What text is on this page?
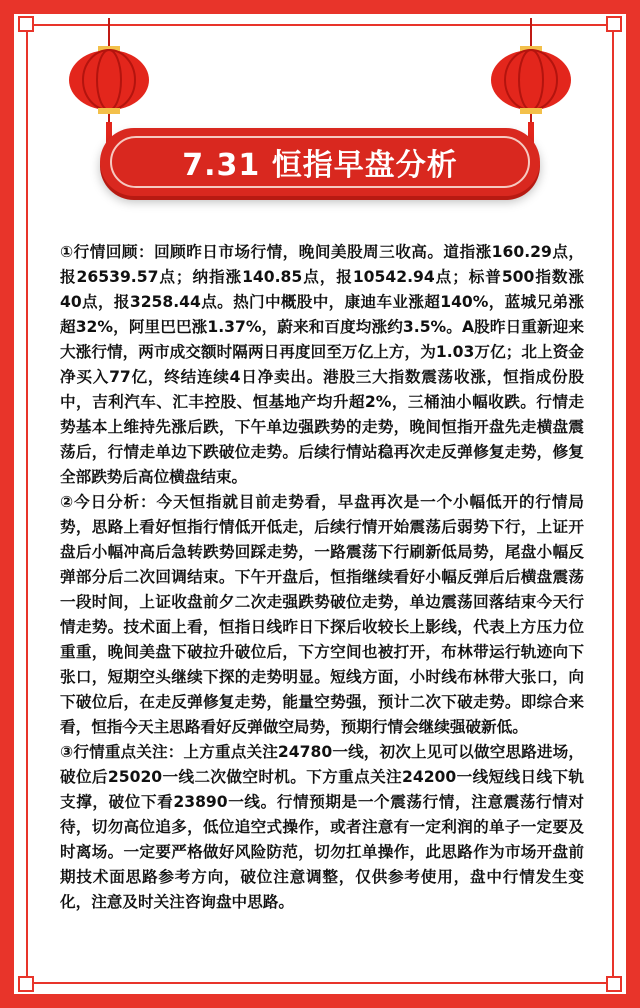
7.31 恒指早盘分析

①行情回顾：回顾昨日市场行情，晚间美股周三收高。道指涨160.29点，报26539.57点；纳指涨140.85点，报10542.94点；标普500指数涨40点，报3258.44点。热门中概股中，康迪车业涨超140%，蓝城兄弟涨超32%，阿里巴巴涨1.37%，蔚来和百度均涨约3.5%。A股昨日重新迎来大涨行情，两市成交额时隔两日再度回至万亿上方，为1.03万亿；北上资金净买入77亿，终结连续4日净卖出。港股三大指数震荡收涨，恒指成份股中，吉利汽车、汇丰控股、恒基地产均升超2%，三桶油小幅收跌。行情走势基本上维持先涨后跌，下午单边强跌势的走势，晚间恒指开盘先走横盘震荡后，行情走单边下跌破位走势。后续行情站稳再次走反弹修复走势，修复全部跌势后高位横盘结束。

②今日分析：今天恒指就目前走势看，早盘再次是一个小幅低开的行情局势，思路上看好恒指行情低开低走，后续行情开始震荡后弱势下行，上证开盘后小幅冲高后急转跌势回踩走势，一路震荡下行刷新低局势，尾盘小幅反弹部分后二次回调结束。下午开盘后，恒指继续看好小幅反弹后后横盘震荡一段时间，上证收盘前夕二次走强跌势破位走势，单边震荡回落结束今天行情走势。技术面上看，恒指日线昨日下探后收较长上影线，代表上方压力位重重，晚间美盘下破拉升破位后，下方空间也被打开，布林带运行轨迹向下张口，短期空头继续下探的走势明显。短线方面，小时线布林带大张口，向下破位后，在走反弹修复走势，能量空势强，预计二次下破走势。即综合来看，恒指今天主思路看好反弹做空局势，预期行情会继续强破新低。

③行情重点关注：上方重点关注24780一线，初次上见可以做空思路进场，破位后25020一线二次做空时机。下方重点关注24200一线短线日线下轨支撑，破位下看23890一线。行情预期是一个震荡行情，注意震荡行情对待，切勿高位追多，低位追空式操作，或者注意有一定利润的单子一定要及时离场。一定要严格做好风险防范，切勿扛单操作，此思路作为市场开盘前期技术面思路参考方向，破位注意调整，仅供参考使用，盘中行情发生变化，注意及时关注咨询盘中思路。
